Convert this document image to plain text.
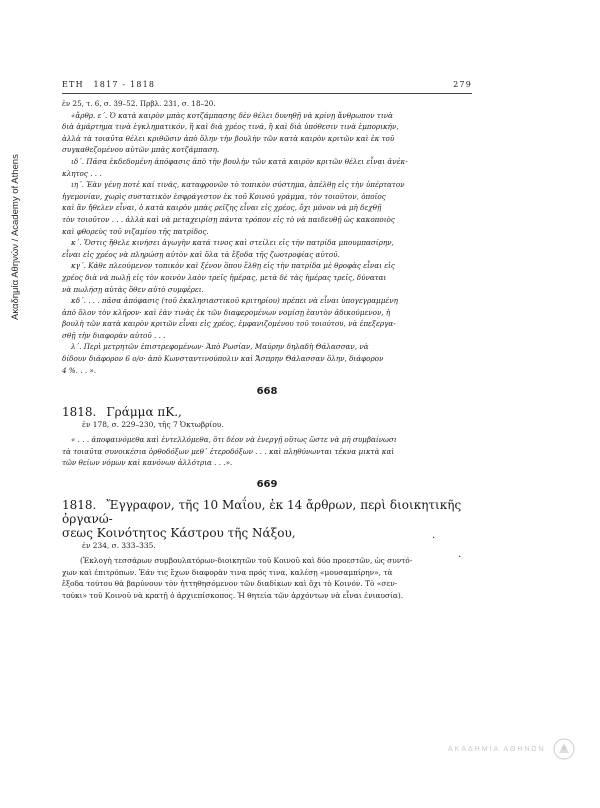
Ακαδημία Αθηνών / Academy of Athens
ΕΤΗ 1817 - 1818	279

ἐν 25, τ. 6, σ. 39–52. Πρβλ. 231, σ. 18–20.

«ἄρθρ. ε΄. Ὁ κατὰ καιρὸν μπὰς κοτζάμπασης δὲν θέλει δυνηθῇ νὰ κρίνῃ ἄνθρωπον τινὰ

διὰ ἁμάρτημα τινὰ ἐγκληματικόν, ἢ καὶ διὰ χρέος τινά, ἢ καὶ διὰ ὑπόθεσιν τινὰ ἐμπορικήν,

ἀλλὰ τὰ τοιαῦτα θέλει κριθῶσιν ἀπὸ ὅλην τὴν βουλὴν τῶν κατὰ καιρὸν κριτῶν καὶ ἐκ τοῦ

συγκαθεζομένου αὐτῶν μπὰς κοτζάμπαση.

ιδ΄. Πᾶσα ἐκδεδομένη ἀπόφασις ἀπὸ τὴν βουλὴν τῶν κατὰ καιρὸν κριτῶν θέλει εἶναι ἀνέκ-

κλητος . . .

ιη΄. Ἐὰν γένῃ ποτὲ καί τινάς, καταφρονῶν τὸ τοπικὸν σύστημα, ἀπέλθῃ εἰς τὴν ὑπέρτατον

ἡγεμονίαν, χωρὶς συστατικὸν ἐσφράγιστον ἐκ τοῦ Κοινοῦ γράμμα, τὸν τοιοῦτον, ὁποῖος

καὶ ἂν ἤθελεν εἶναι, ὁ κατὰ καιρὸν μπὰς ρεῖζης εἶναι εἰς χρέος, ὄχι μόνον νὰ μὴ δεχθῇ

τὸν τοιοῦτον . . . ἀλλὰ καὶ νὰ μεταχειρίσῃ πάντα τρόπον εἰς τὸ νὰ παιδευθῇ ὡς κακοποιὸς

καὶ φθορεὺς τοῦ νιζαμίου τῆς πατρίδος.

κ΄. Ὅστις ἤθελε κινήσει ἀγωγὴν κατά τινος καὶ στείλει εἰς τὴν πατρίδα μπουμπασίρην,

εἶναι εἰς χρέος νὰ πληρώσῃ αὐτὸν καὶ ὅλα τὰ ἔξοδα τῆς ζωοτροφίας αὐτοῦ.

κγ΄. Κάθε πλεούμενον τοπικὸν καὶ ξένον ὅπου ἔλθῃ εἰς τὴν πατρίδα μὲ θροφὰς εἶναι εἰς

χρέος διὰ νὰ πωλῇ εἰς τὸν κοινὸν λαὸν τρεῖς ἡμέρας, μετὰ δὲ τὰς ἡμέρας τρεῖς, δύναται

νὰ πωλήσῃ αὐτὰς ὅθεν αὐτὸ συμφέρει.

κδ΄. . . . πᾶσα ἀπόφασις (τοῦ ἐκκλησιαστικοῦ κριτηρίου) πρέπει νὰ εἶναι ὑπογεγραμμένη

ἀπὸ ὅλον τὸν κλῆρον· καὶ ἐὰν τινὰς ἐκ τῶν διαφερομένων νομίσῃ ἑαυτὸν ἀδικούμενον, ἡ

βουλὴ τῶν κατὰ καιρὸν κριτῶν εἶναι εἰς χρέος, ἐμφανιζομένου τοῦ τοιούτου, νὰ ἐπεξεργα-

σθῇ τὴν διαφορὰν αὐτοῦ . . .

λ΄. Περὶ μετρητῶν ἐπιστρεφομένων· Ἀπὸ Ρωσίαν, Μαύρην δηλαδὴ Θάλασσαν, νὰ

δίδουν διάφορον 6 ο/ο· ἀπὸ Κωνσταντινούπολιν καὶ Ἄσπρην Θάλασσαν ὅλην, διάφορον

4 %. . . ».

668

1818. Γράμμα πΚ.,

ἐν 178, σ. 229–230, τῆς 7 Ὀκτωβρίου.

« . . . ἀποφαινόμεθα καὶ ἐντελλόμεθα, ὅτι δέον νὰ ἐνεργῇ οὕτως ὥστε νὰ μὴ συμβαίνωσι

τὰ τοιαῦτα συνοικέσια ὀρθοδόξων μεθ᾿ ἑτεροδόξων . . . καὶ πληθύνωνται τέκνα μικτὰ καὶ

τῶν θείων νόμων καὶ κανόνων ἀλλότρια . . .».

669

1818. Ἔγγραφον, τῆς 10 Μαΐου, ἐκ 14 ἄρθρων, περὶ διοικητικῆς ὀργανώ-

σεως Κοινότητος Κάστρου τῆς Νάξου,

ἐν 234, σ. 333–335.

(Ἐκλογὴ τεσσάρων συμβουλατόρων-διοικητῶν τοῦ Κοινοῦ καὶ δύο προεστῶν, ὡς συντό-

χων καὶ ἐπιτρόπων. Ἐάν τις ἔχων διαφορὰν τινα πρός τινα, καλέσῃ «μουσαμπίρην», τὰ

ἔξοδα τούτου θὰ βαρύνουν τὸν ἡττηθησόμενον τῶν διαδίκων καὶ ὄχι τὸ Κοινόν. Τὸ «σεν-

τούκι» τοῦ Κοινοῦ νὰ κρατῇ ὁ ἀρχιεπίσκοπος. Ἡ θητεία τῶν ἀρχόντων νὰ εἶναι ἐνιαυσία).

·
·
ΑΚΑΔΗΜΙΑ ΑΘΗΝΩΝ
